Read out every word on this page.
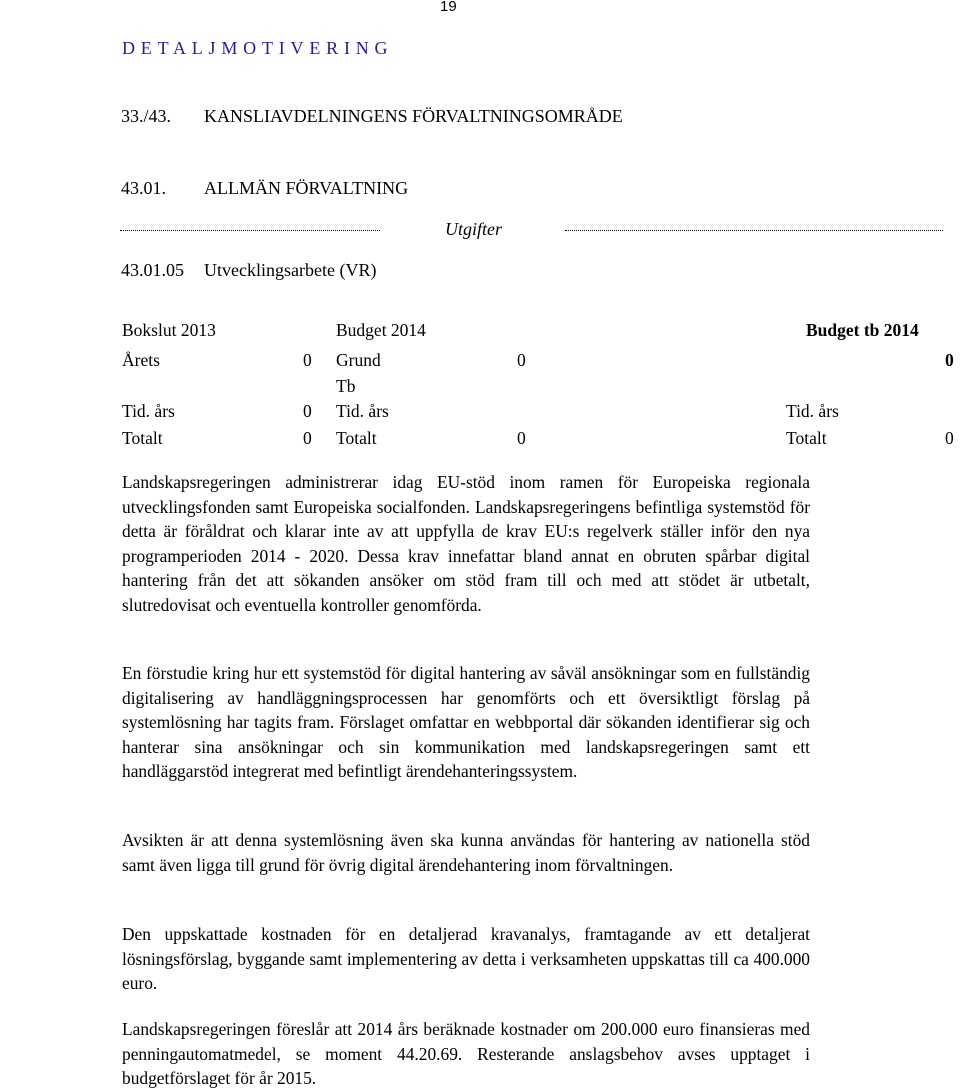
19
DETALJMOTIVERING
33./43. KANSLIAVDELNINGENS FÖRVALTNINGSOMRÅDE
43.01. ALLMÄN FÖRVALTNING
Utgifter
43.01.05 Utvecklingsarbete (VR)
Bokslut 2013	Budget 2014	Budget tb 2014
Årets	0 Grund	0	0
Tb
Tid. års	0 Tid. års	Tid. års
Totalt	0 Totalt	0	Totalt	0
Landskapsregeringen administrerar idag EU-stöd inom ramen för Europeiska regionala utvecklingsfonden samt Europeiska socialfonden. Landskapsregeringens befintliga systemstöd för detta är föråldrat och klarar inte av att uppfylla de krav EU:s regelverk ställer inför den nya programperioden 2014 - 2020. Dessa krav innefattar bland annat en obruten spårbar digital hantering från det att sökanden ansöker om stöd fram till och med att stödet är utbetalt, slutredovisat och eventuella kontroller genomförda.
En förstudie kring hur ett systemstöd för digital hantering av såväl ansökningar som en fullständig digitalisering av handläggningsprocessen har genomförts och ett översiktligt förslag på systemlösning har tagits fram. Förslaget omfattar en webbportal där sökanden identifierar sig och hanterar sina ansökningar och sin kommunikation med landskapsregeringen samt ett handläggarstöd integrerat med befintligt ärendehanteringssystem.
Avsikten är att denna systemlösning även ska kunna användas för hantering av nationella stöd samt även ligga till grund för övrig digital ärendehantering inom förvaltningen.
Den uppskattade kostnaden för en detaljerad kravanalys, framtagande av ett detaljerat lösningsförslag, byggande samt implementering av detta i verksamheten uppskattas till ca 400.000 euro.
Landskapsregeringen föreslår att 2014 års beräknade kostnader om 200.000 euro finansieras med penningautomatmedel, se moment 44.20.69. Resterande anslagsbehov avses upptaget i budgetförslaget för år 2015.
